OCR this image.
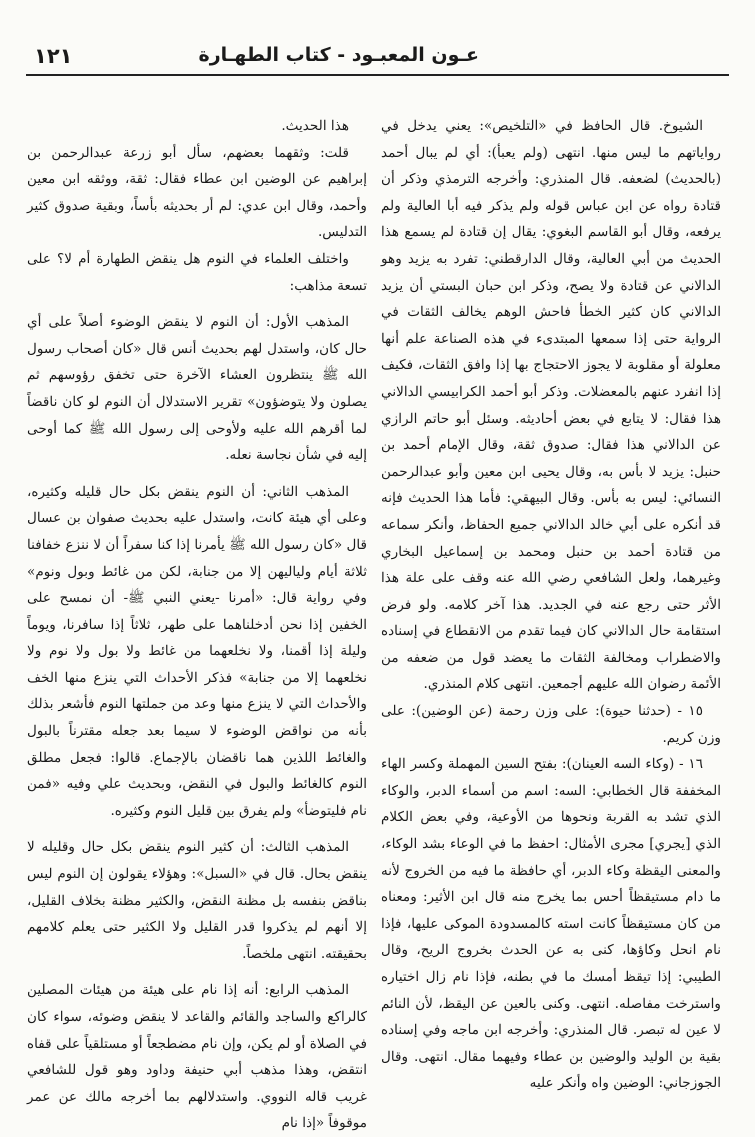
عـون المعبـود - كتاب الطهـارة
١٢١

الشيوخ. قال الحافظ في «التلخيص»: يعني يدخل في رواياتهم ما ليس منها. انتهى (ولم يعبأ): أي لم يبال أحمد (بالحديث) لضعفه. قال المنذري: وأخرجه الترمذي وذكر أن قتادة رواه عن ابن عباس قوله ولم يذكر فيه أبا العالية ولم يرفعه، وقال أبو القاسم البغوي: يقال إن قتادة لم يسمع هذا الحديث من أبي العالية، وقال الدارقطني: تفرد به يزيد وهو الدالاني عن قتادة ولا يصح، وذكر ابن حبان البستي أن يزيد الدالاني كان كثير الخطأ فاحش الوهم يخالف الثقات في الرواية حتى إذا سمعها المبتدىء في هذه الصناعة علم أنها معلولة أو مقلوبة لا يجوز الاحتجاج بها إذا وافق الثقات، فكيف إذا انفرد عنهم بالمعضلات. وذكر أبو أحمد الكرابيسي الدالاني هذا فقال: لا يتابع في بعض أحاديثه. وسئل أبو حاتم الرازي عن الدالاني هذا فقال: صدوق ثقة، وقال الإمام أحمد بن حنبل: يزيد لا بأس به، وقال يحيى ابن معين وأبو عبدالرحمن النسائي: ليس به بأس. وقال البيهقي: فأما هذا الحديث فإنه قد أنكره على أبي خالد الدالاني جميع الحفاظ، وأنكر سماعه من قتادة أحمد بن حنبل ومحمد بن إسماعيل البخاري وغيرهما، ولعل الشافعي رضي الله عنه وقف على علة هذا الأثر حتى رجع عنه في الجديد. هذا آخر كلامه. ولو فرض استقامة حال الدالاني كان فيما تقدم من الانقطاع في إسناده والاضطراب ومخالفة الثقات ما يعضد قول من ضعفه من الأئمة رضوان الله عليهم أجمعين. انتهى كلام المنذري.

١٥ - (حدثنا حيوة): على وزن رحمة (عن الوضين): على وزن كريم.

١٦ - (وكاء السه العينان): بفتح السين المهملة وكسر الهاء المخففة قال الخطابي: السه: اسم من أسماء الدبر، والوكاء الذي تشد به القربة ونحوها من الأوعية، وفي بعض الكلام الذي [يجري] مجرى الأمثال: احفظ ما في الوعاء بشد الوكاء، والمعنى اليقظة وكاء الدبر، أي حافظة ما فيه من الخروج لأنه ما دام مستيقظاً أحس بما يخرج منه قال ابن الأثير: ومعناه من كان مستيقظاً كانت استه كالمسدودة الموكى عليها، فإذا نام انحل وكاؤها، كنى به عن الحدث بخروج الريح، وقال الطيبي: إذا تيقظ أمسك ما في بطنه، فإذا نام زال اختياره واسترخت مفاصله. انتهى. وكنى بالعين عن اليقظ، لأن النائم لا عين له تبصر. قال المنذري: وأخرجه ابن ماجه وفي إسناده بقية بن الوليد والوضين بن عطاء وفيهما مقال. انتهى. وقال الجوزجاني: الوضين واه وأنكر عليه

هذا الحديث.

قلت: وثقهما بعضهم، سأل أبو زرعة عبدالرحمن بن إبراهيم عن الوضين ابن عطاء فقال: ثقة، ووثقه ابن معين وأحمد، وقال ابن عدي: لم أر بحديثه بأساً، وبقية صدوق كثير التدليس.

واختلف العلماء في النوم هل ينقض الطهارة أم لا؟ على تسعة مذاهب:

المذهب الأول: أن النوم لا ينقض الوضوء أصلاً على أي حال كان، واستدل لهم بحديث أنس قال «كان أصحاب رسول الله ﷺ ينتظرون العشاء الآخرة حتى تخفق رؤوسهم ثم يصلون ولا يتوضؤون» تقرير الاستدلال أن النوم لو كان ناقضاً لما أقرهم الله عليه ولأوحى إلى رسول الله ﷺ كما أوحى إليه في شأن نجاسة نعله.

المذهب الثاني: أن النوم ينقض بكل حال قليله وكثيره، وعلى أي هيئة كانت، واستدل عليه بحديث صفوان بن عسال قال «كان رسول الله ﷺ يأمرنا إذا كنا سفراً أن لا ننزع خفافنا ثلاثة أيام ولياليهن إلا من جنابة، لكن من غائط وبول ونوم» وفي رواية قال: «أمرنا -يعني النبي ﷺ- أن نمسح على الخفين إذا نحن أدخلناهما على طهر، ثلاثاً إذا سافرنا، ويوماً وليلة إذا أقمنا، ولا نخلعهما من غائط ولا بول ولا نوم ولا نخلعهما إلا من جنابة» فذكر الأحداث التي ينزع منها الخف والأحداث التي لا ينزع منها وعد من جملتها النوم فأشعر بذلك بأنه من نواقض الوضوء لا سيما بعد جعله مقترناً بالبول والغائط اللذين هما ناقضان بالإجماع. قالوا: فجعل مطلق النوم كالغائط والبول في النقض، وبحديث علي وفيه «فمن نام فليتوضأ» ولم يفرق بين قليل النوم وكثيره.

المذهب الثالث: أن كثير النوم ينقض بكل حال وقليله لا ينقض بحال. قال في «السبل»: وهؤلاء يقولون إن النوم ليس بناقض بنفسه بل مظنة النقض، والكثير مظنة بخلاف القليل، إلا أنهم لم يذكروا قدر القليل ولا الكثير حتى يعلم كلامهم بحقيقته. انتهى ملخصاً.

المذهب الرابع: أنه إذا نام على هيئة من هيئات المصلين كالراكع والساجد والقائم والقاعد لا ينقض وضوئه، سواء كان في الصلاة أو لم يكن، وإن نام مضطجعاً أو مستلقياً على قفاه انتقض، وهذا مذهب أبي حنيفة وداود وهو قول للشافعي غريب قاله النووي. واستدلالهم بما أخرجه مالك عن عمر موقوفاً «إذا نام
